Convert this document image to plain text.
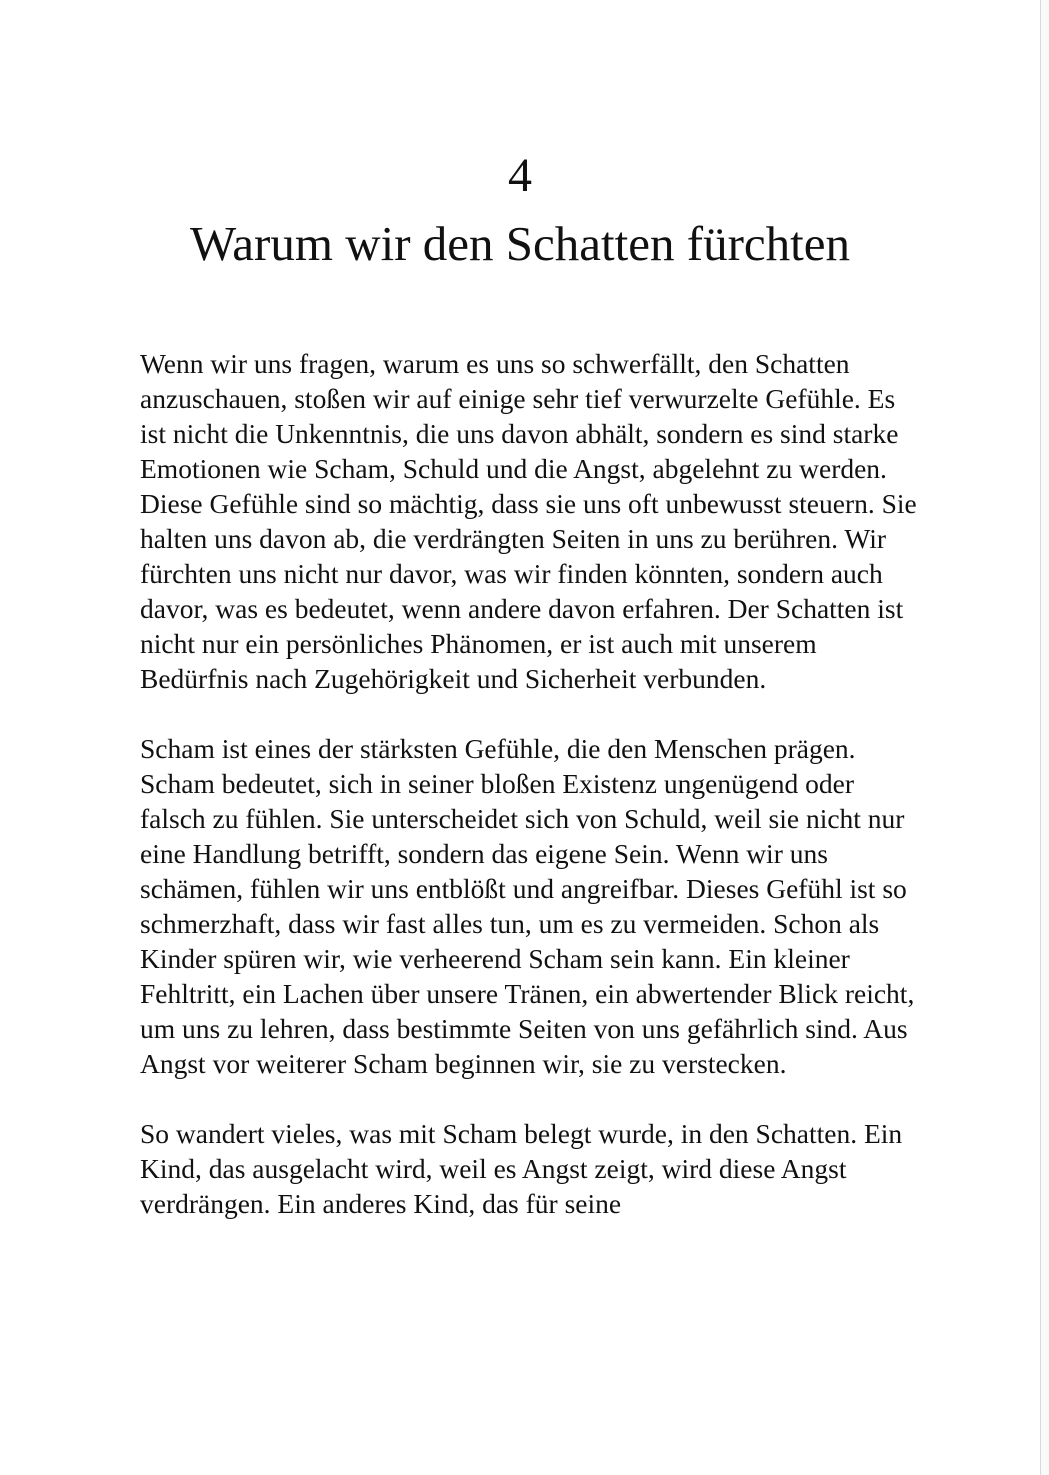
4
Warum wir den Schatten fürchten

Wenn wir uns fragen, warum es uns so schwerfällt, den Schatten anzuschauen, stoßen wir auf einige sehr tief verwurzelte Gefühle. Es ist nicht die Unkenntnis, die uns davon abhält, sondern es sind starke Emotionen wie Scham, Schuld und die Angst, abgelehnt zu werden. Diese Gefühle sind so mächtig, dass sie uns oft unbewusst steuern. Sie halten uns davon ab, die verdrängten Seiten in uns zu berühren. Wir fürchten uns nicht nur davor, was wir finden könnten, sondern auch davor, was es bedeutet, wenn andere davon erfahren. Der Schatten ist nicht nur ein persönliches Phänomen, er ist auch mit unserem Bedürfnis nach Zugehörigkeit und Sicherheit verbunden.

Scham ist eines der stärksten Gefühle, die den Menschen prägen. Scham bedeutet, sich in seiner bloßen Existenz ungenügend oder falsch zu fühlen. Sie unterscheidet sich von Schuld, weil sie nicht nur eine Handlung betrifft, sondern das eigene Sein. Wenn wir uns schämen, fühlen wir uns entblößt und angreifbar. Dieses Gefühl ist so schmerzhaft, dass wir fast alles tun, um es zu vermeiden. Schon als Kinder spüren wir, wie verheerend Scham sein kann. Ein kleiner Fehltritt, ein Lachen über unsere Tränen, ein abwertender Blick reicht, um uns zu lehren, dass bestimmte Seiten von uns gefährlich sind. Aus Angst vor weiterer Scham beginnen wir, sie zu verstecken.

So wandert vieles, was mit Scham belegt wurde, in den Schatten. Ein Kind, das ausgelacht wird, weil es Angst zeigt, wird diese Angst verdrängen. Ein anderes Kind, das für seine
